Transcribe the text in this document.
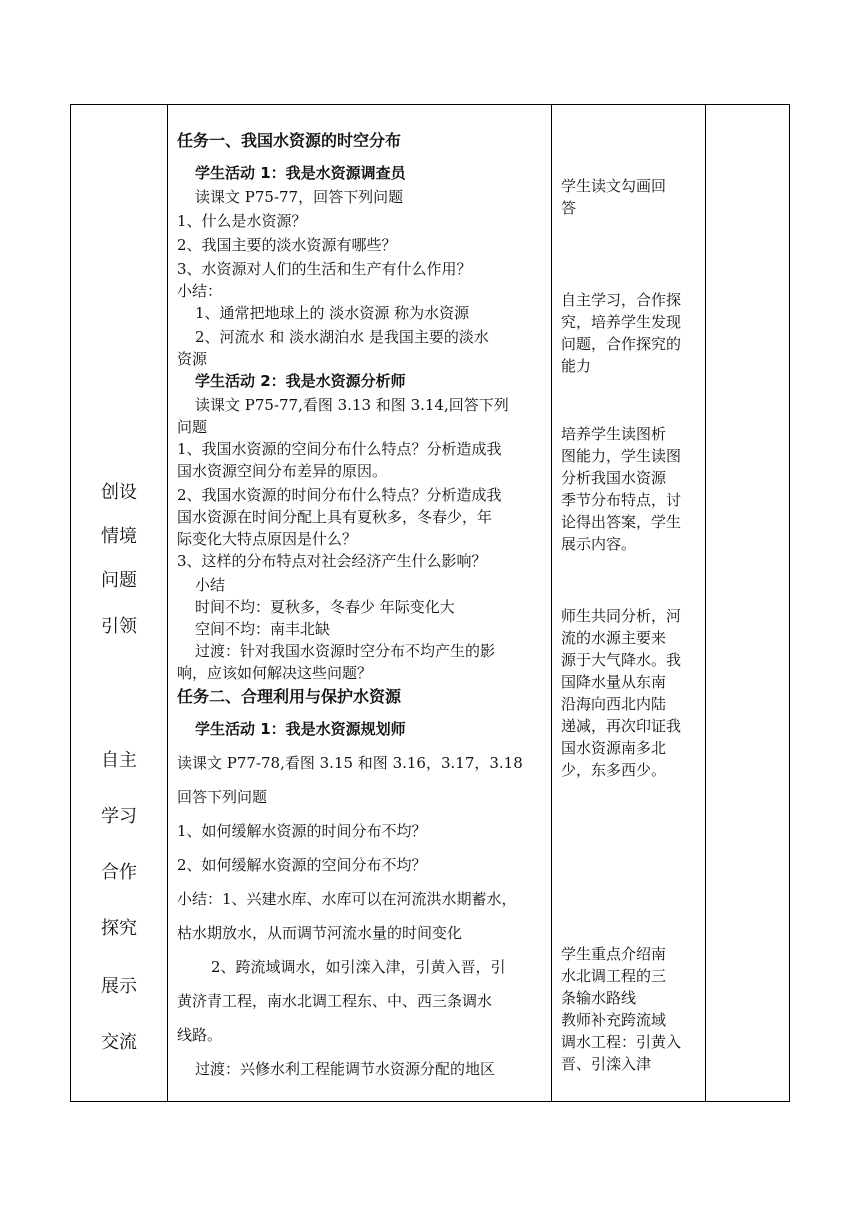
任务一、我国水资源的时空分布
学生活动 1：我是水资源调查员
读课文 P75-77，回答下列问题
1、什么是水资源？
2、我国主要的淡水资源有哪些？
3、水资源对人们的生活和生产有什么作用？
小结：
1、通常把地球上的 淡水资源 称为水资源
2、河流水 和 淡水湖泊水 是我国主要的淡水
资源
学生活动 2：我是水资源分析师
读课文 P75-77,看图 3.13 和图 3.14,回答下列
问题
1、我国水资源的空间分布什么特点？分析造成我
国水资源空间分布差异的原因。
2、我国水资源的时间分布什么特点？分析造成我
国水资源在时间分配上具有夏秋多，冬春少，年
际变化大特点原因是什么？
3、这样的分布特点对社会经济产生什么影响？
小结
时间不均：夏秋多，冬春少 年际变化大
空间不均：南丰北缺
过渡：针对我国水资源时空分布不均产生的影
响，应该如何解决这些问题？
任务二、合理利用与保护水资源
学生活动 1：我是水资源规划师
读课文 P77-78,看图 3.15 和图 3.16，3.17，3.18
回答下列问题
1、如何缓解水资源的时间分布不均？
2、如何缓解水资源的空间分布不均？
小结：1、兴建水库、水库可以在河流洪水期蓄水，
枯水期放水，从而调节河流水量的时间变化
2、跨流域调水，如引滦入津，引黄入晋，引
黄济青工程，南水北调工程东、中、西三条调水
线路。
过渡：兴修水利工程能调节水资源分配的地区
学生读文勾画回
答
自主学习，合作探
究，培养学生发现
问题，合作探究的
能力
培养学生读图析
图能力，学生读图
分析我国水资源
季节分布特点，讨
论得出答案，学生
展示内容。
师生共同分析，河
流的水源主要来
源于大气降水。我
国降水量从东南
沿海向西北内陆
递减，再次印证我
国水资源南多北
少，东多西少。
学生重点介绍南
水北调工程的三
条输水路线
教师补充跨流域
调水工程：引黄入
晋、引滦入津
创设
情境
问题
引领
自主
学习
合作
探究
展示
交流
